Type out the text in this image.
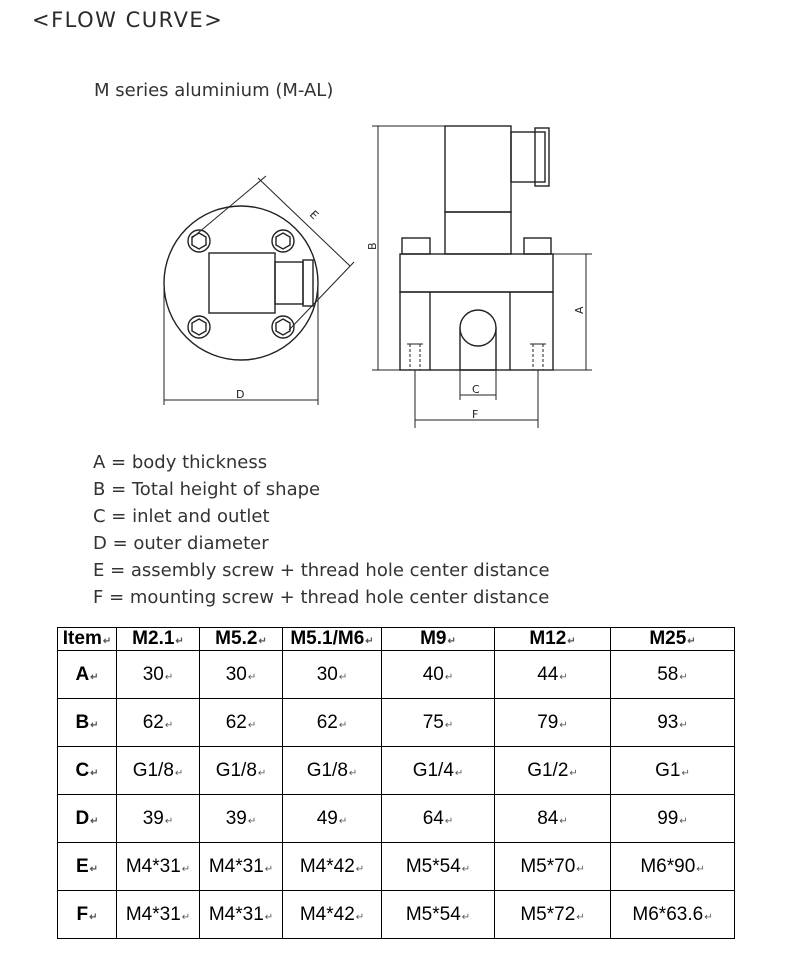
<FLOW CURVE>
M series aluminium (M-AL)
E
D
B
A
C
F
A = body thickness
B = Total height of shape
C = inlet and outlet
D = outer diameter
E = assembly screw + thread hole center distance
F = mounting screw + thread hole center distance
Item↵	M2.1↵	M5.2↵	M5.1/M6↵	M9↵	M12↵	M25↵
A↵	30↵	30↵	30↵	40↵	44↵	58↵
B↵	62↵	62↵	62↵	75↵	79↵	93↵
C↵	G1/8↵	G1/8↵	G1/8↵	G1/4↵	G1/2↵	G1↵
D↵	39↵	39↵	49↵	64↵	84↵	99↵
E↵	M4*31↵	M4*31↵	M4*42↵	M5*54↵	M5*70↵	M6*90↵
F↵	M4*31↵	M4*31↵	M4*42↵	M5*54↵	M5*72↵	M6*63.6↵
